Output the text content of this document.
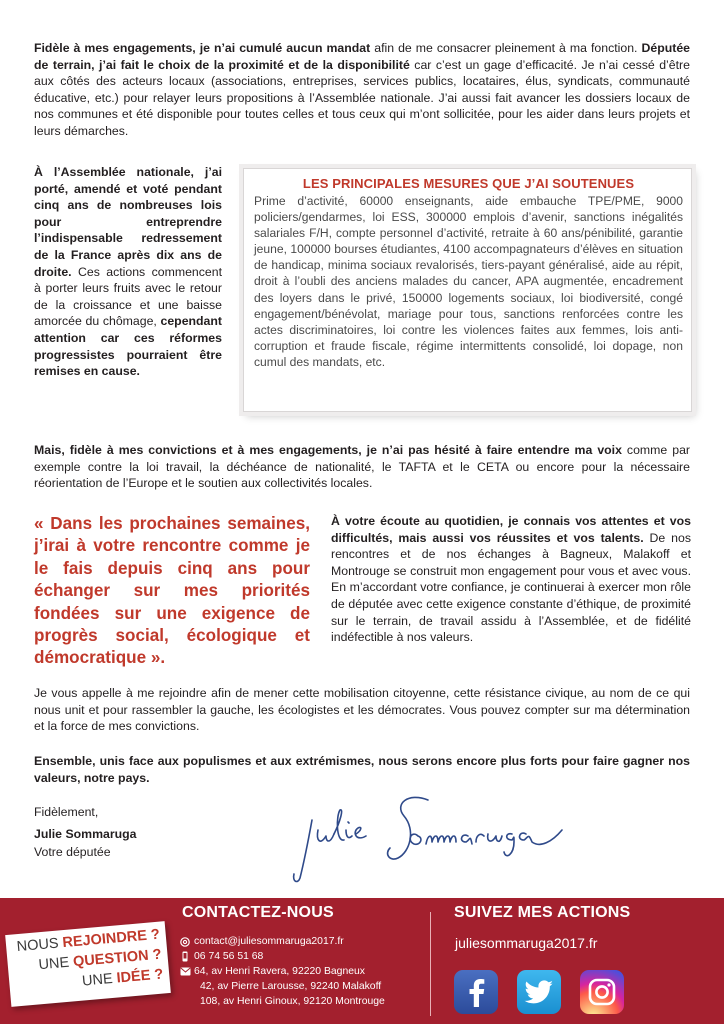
Fidèle à mes engagements, je n’ai cumulé aucun mandat afin de me consacrer pleinement à ma fonction. Députée de terrain, j’ai fait le choix de la proximité et de la disponibilité car c’est un gage d’efficacité. Je n’ai cessé d’être aux côtés des acteurs locaux (associations, entreprises, services publics, locataires, élus, syndicats, communauté éducative, etc.) pour relayer leurs propositions à l’Assemblée nationale. J’ai aussi fait avancer les dossiers locaux de nos communes et été disponible pour toutes celles et tous ceux qui m’ont sollicitée, pour les aider dans leurs projets et leurs démarches.
À l’Assemblée nationale, j’ai porté, amendé et voté pendant cinq ans de nombreuses lois pour entreprendre l’indispensable redressement de la France après dix ans de droite. Ces actions commencent à porter leurs fruits avec le retour de la croissance et une baisse amorcée du chômage, cependant attention car ces réformes progressistes pourraient être remises en cause.
LES PRINCIPALES MESURES QUE J’AI SOUTENUES
Prime d’activité, 60000 enseignants, aide embauche TPE/PME, 9000 policiers/gendarmes, loi ESS, 300000 emplois d’avenir, sanctions inégalités salariales F/H, compte personnel d’activité, retraite à 60 ans/pénibilité, garantie jeune, 100000 bourses étudiantes, 4100 accompagnateurs d’élèves en situation de handicap, minima sociaux revalorisés, tiers-payant généralisé, aide au répit, droit à l’oubli des anciens malades du cancer, APA augmentée, encadrement des loyers dans le privé, 150000 logements sociaux, loi biodiversité, congé engagement/bénévolat, mariage pour tous, sanctions renforcées contre les actes discriminatoires, loi contre les violences faites aux femmes, lois anti-corruption et fraude fiscale, régime intermittents consolidé, loi dopage, non cumul des mandats, etc.
Mais, fidèle à mes convictions et à mes engagements, je n’ai pas hésité à faire entendre ma voix comme par exemple contre la loi travail, la déchéance de nationalité, le TAFTA et le CETA ou encore pour la nécessaire réorientation de l’Europe et le soutien aux collectivités locales.
« Dans les prochaines semaines, j’irai à votre rencontre comme je le fais depuis cinq ans pour échanger sur mes priorités fondées sur une exigence de progrès social, écologique et démocratique ».
À votre écoute au quotidien, je connais vos attentes et vos difficultés, mais aussi vos réussites et vos talents. De nos rencontres et de nos échanges à Bagneux, Malakoff et Montrouge se construit mon engagement pour vous et avec vous. En m’accordant votre confiance, je continuerai à exercer mon rôle de députée avec cette exigence constante d’éthique, de proximité sur le terrain, de travail assidu à l’Assemblée, et de fidélité indéfectible à nos valeurs.
Je vous appelle à me rejoindre afin de mener cette mobilisation citoyenne, cette résistance civique, au nom de ce qui nous unit et pour rassembler la gauche, les écologistes et les démocrates. Vous pouvez compter sur ma détermination et la force de mes convictions.
Ensemble, unis face aux populismes et aux extrémismes, nous serons encore plus forts pour faire gagner nos valeurs, notre pays.
Fidèlement,
Julie Sommaruga
Votre députée
CONTACTEZ-NOUS
contact@juliesommaruga2017.fr
06 74 56 51 68
64, av Henri Ravera, 92220 Bagneux
42, av Pierre Larousse, 92240 Malakoff
108, av Henri Ginoux, 92120 Montrouge
SUIVEZ MES ACTIONS
juliesommaruga2017.fr
NOUS REJOINDRE ?
UNE QUESTION ?
UNE IDÉE ?
